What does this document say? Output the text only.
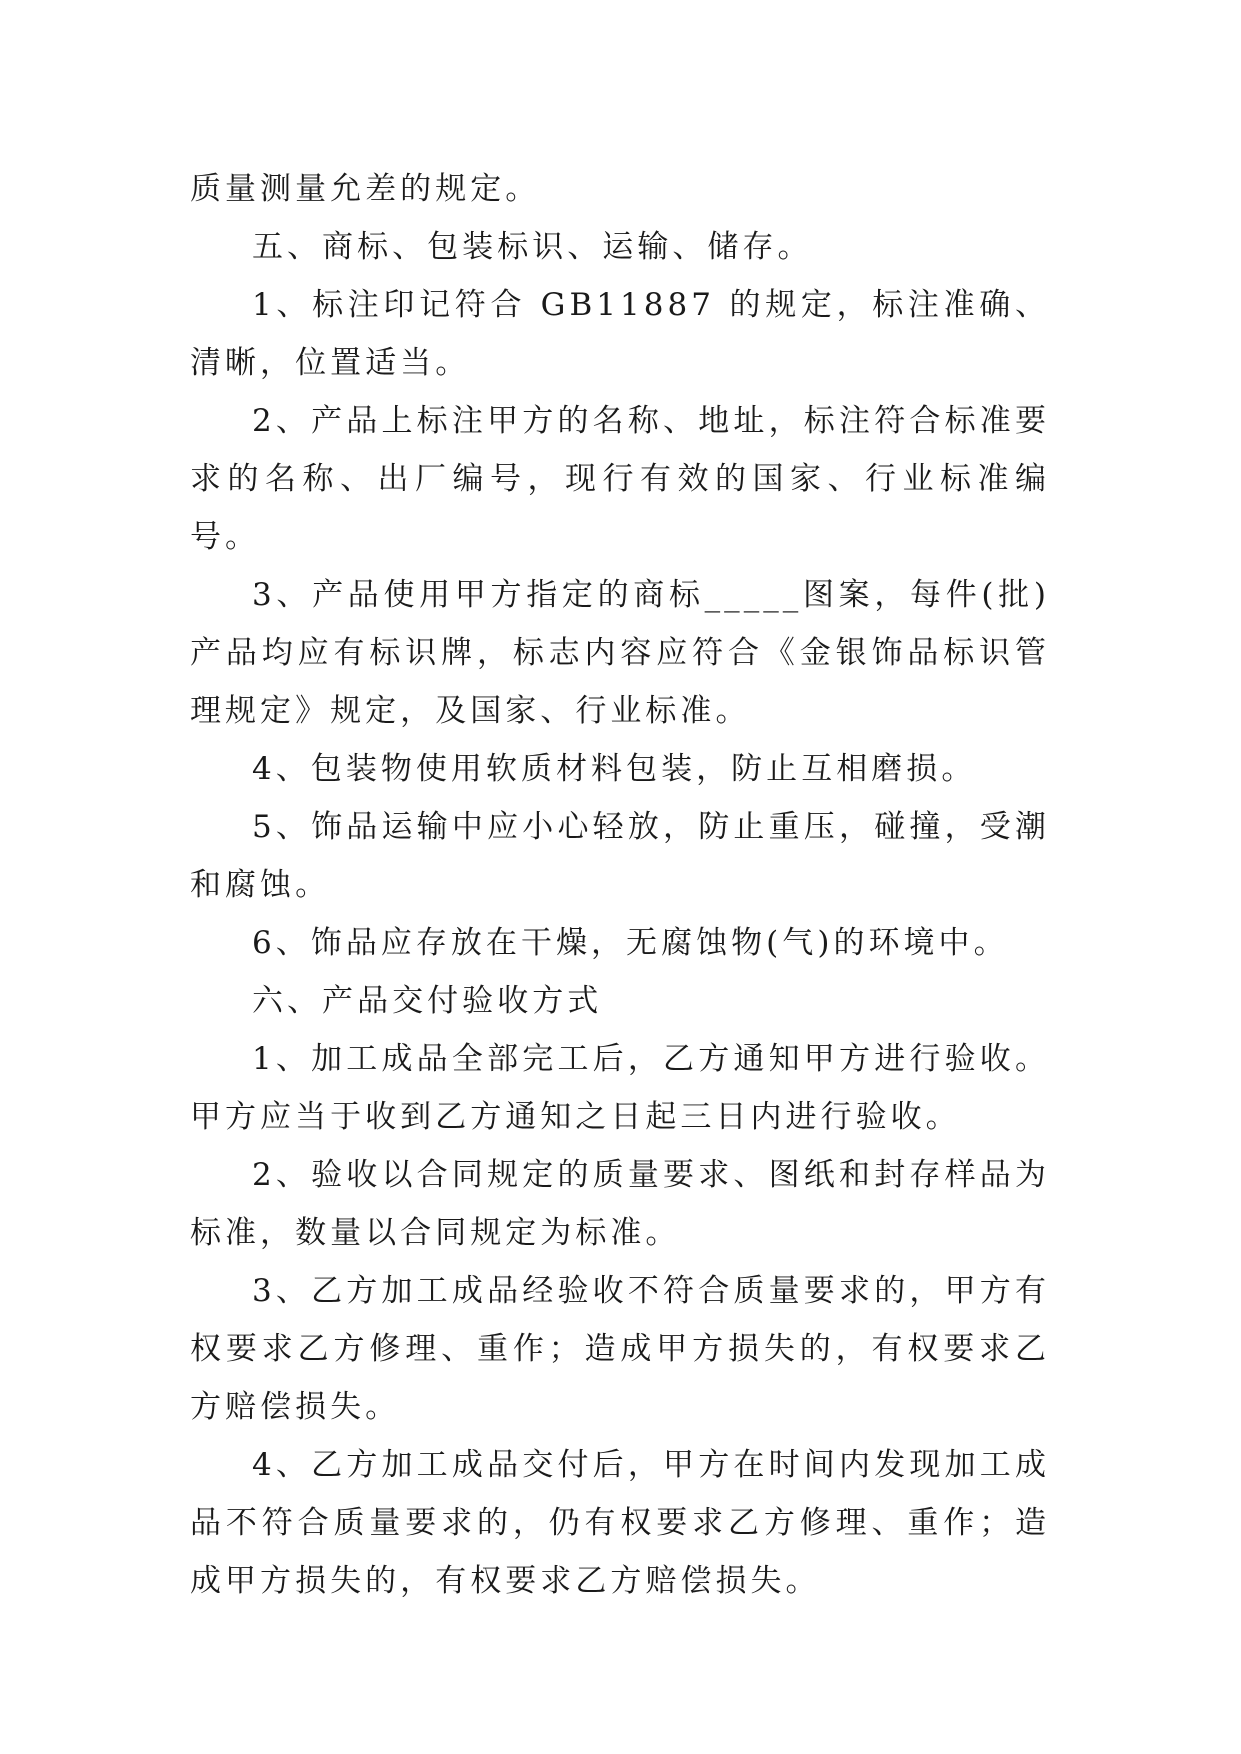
质量测量允差的规定。

五、商标、包装标识、运输、储存。

1、标注印记符合 GB11887 的规定，标注准确、清晰，位置适当。

2、产品上标注甲方的名称、地址，标注符合标准要求的名称、出厂编号，现行有效的国家、行业标准编号。

3、产品使用甲方指定的商标_____图案，每件(批)产品均应有标识牌，标志内容应符合《金银饰品标识管理规定》规定，及国家、行业标准。

4、包装物使用软质材料包装，防止互相磨损。

5、饰品运输中应小心轻放，防止重压，碰撞，受潮和腐蚀。

6、饰品应存放在干燥，无腐蚀物(气)的环境中。

六、产品交付验收方式

1、加工成品全部完工后，乙方通知甲方进行验收。甲方应当于收到乙方通知之日起三日内进行验收。

2、验收以合同规定的质量要求、图纸和封存样品为标准，数量以合同规定为标准。

3、乙方加工成品经验收不符合质量要求的，甲方有权要求乙方修理、重作；造成甲方损失的，有权要求乙方赔偿损失。

4、乙方加工成品交付后，甲方在时间内发现加工成品不符合质量要求的，仍有权要求乙方修理、重作；造成甲方损失的，有权要求乙方赔偿损失。
